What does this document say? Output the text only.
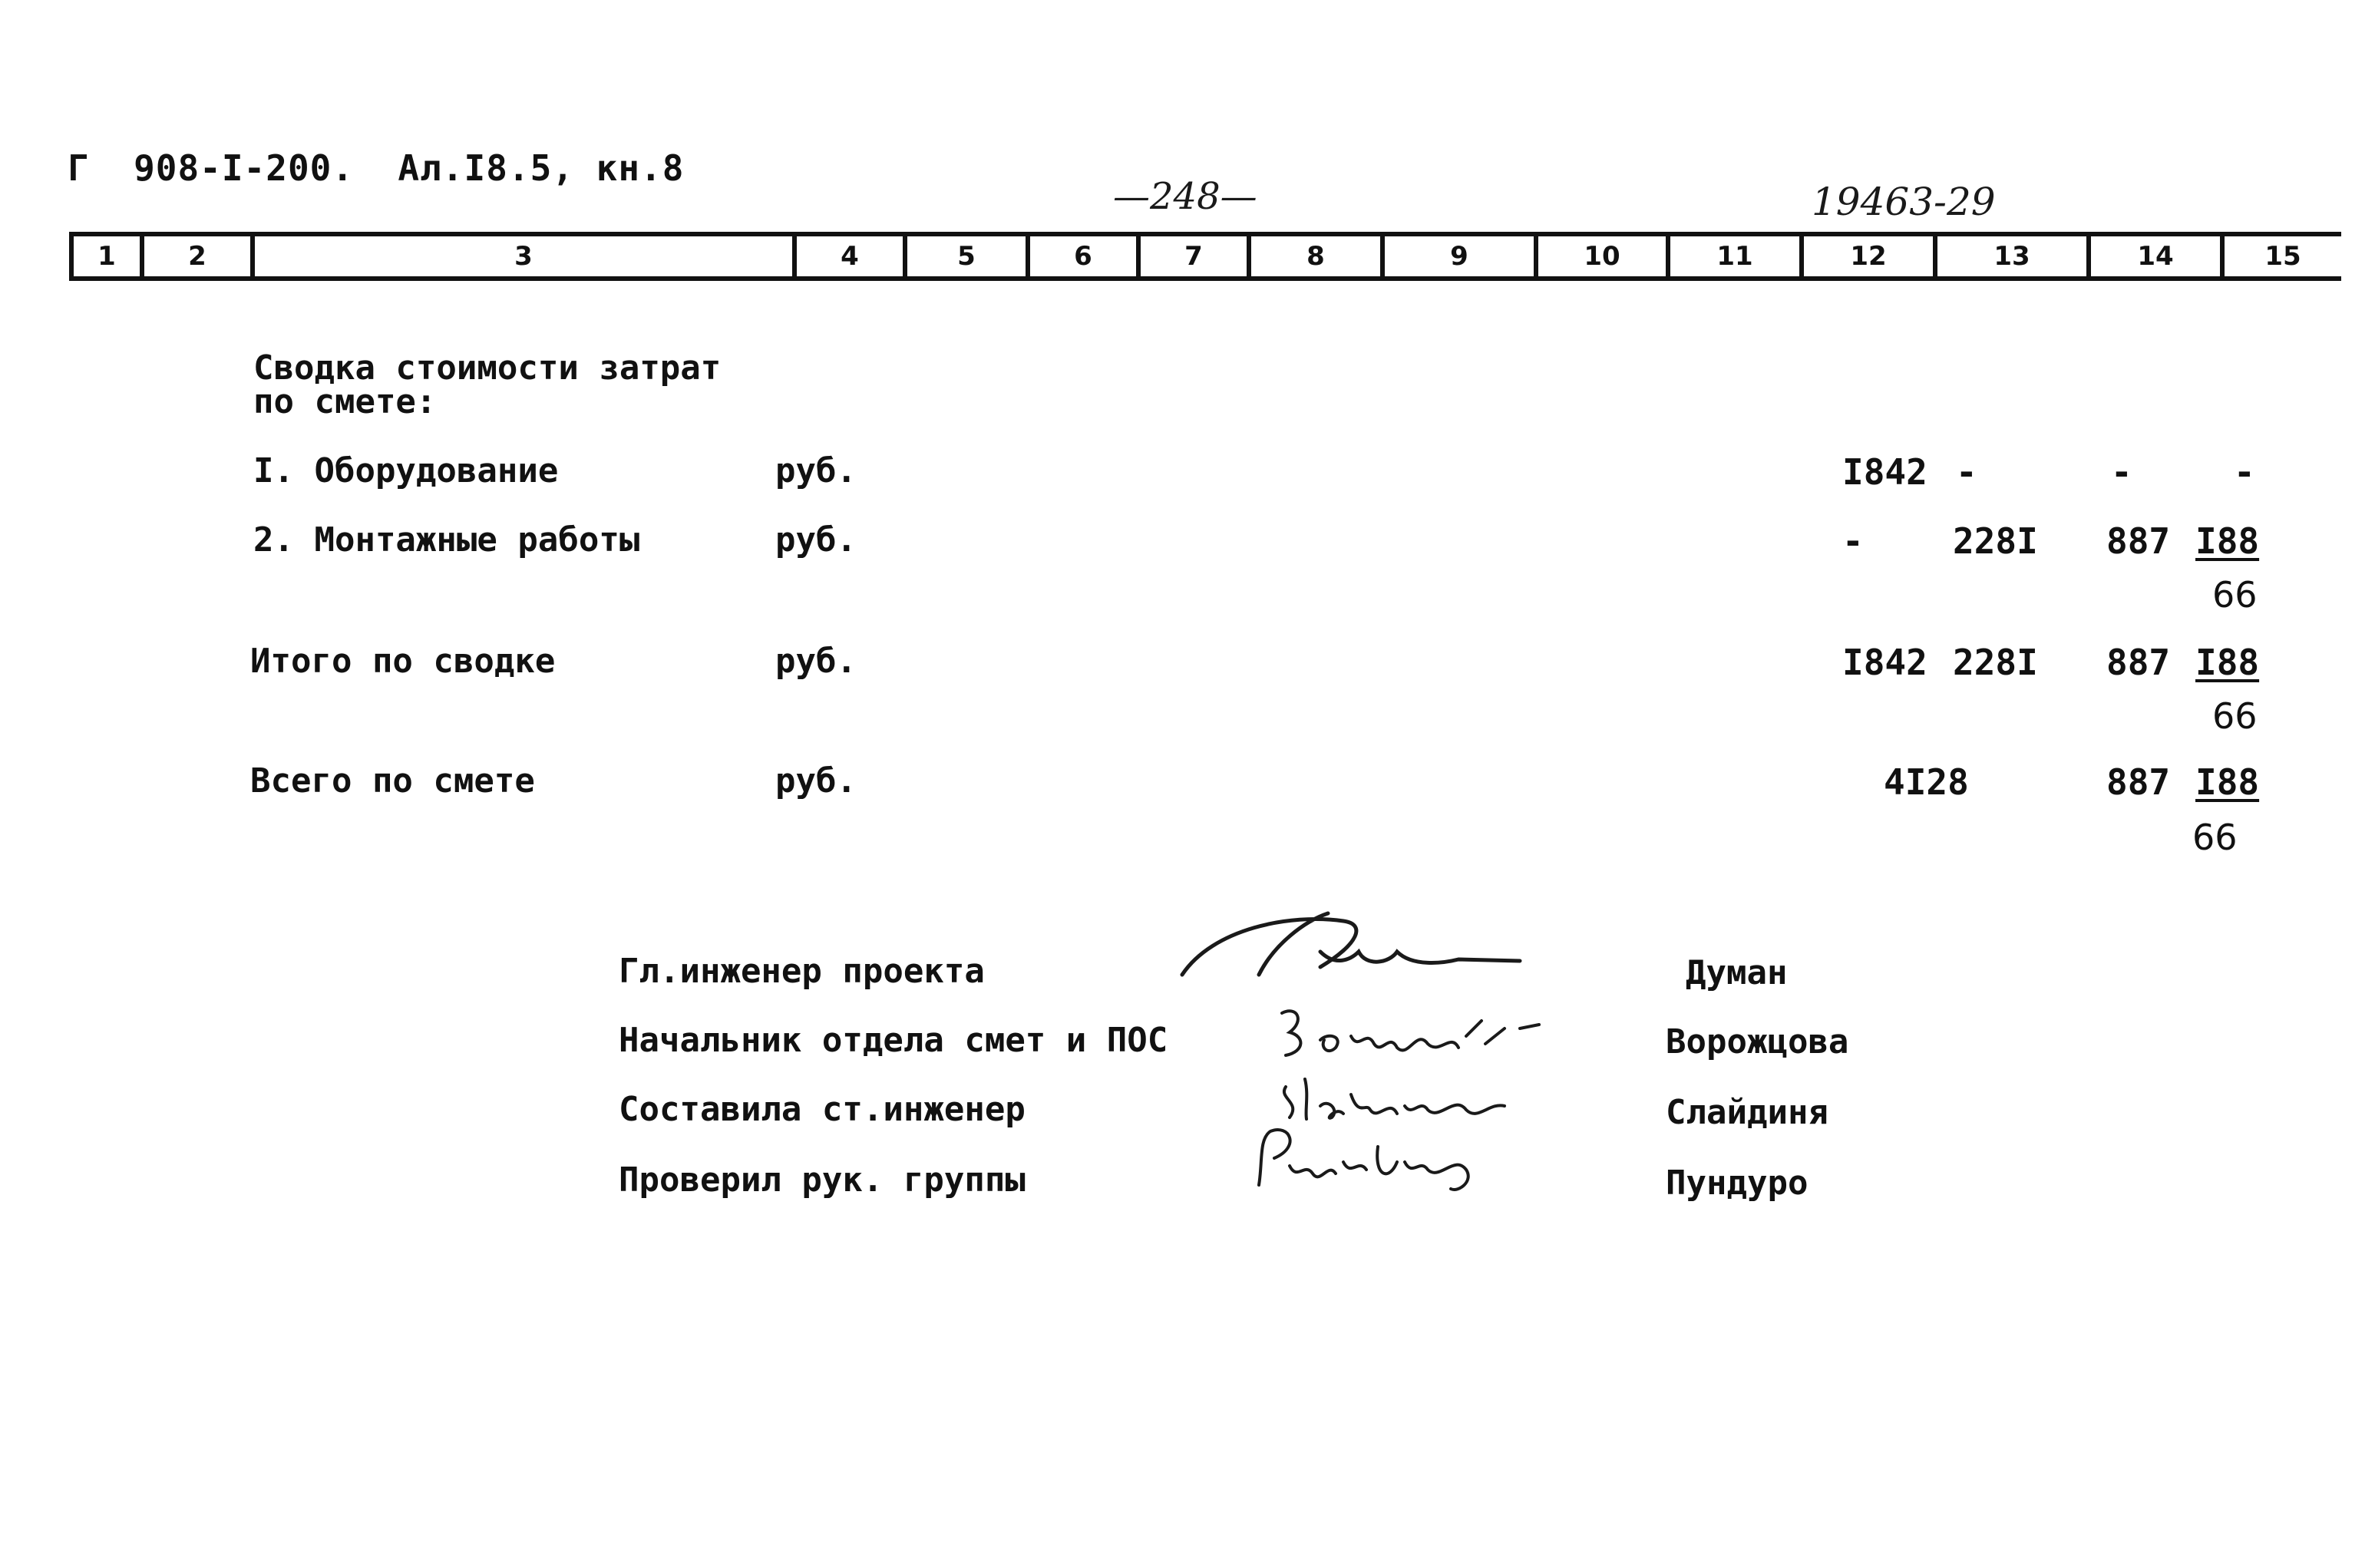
Г  908-I-200.  Ал.I8.5, кн.8
—248—	19463-29
1	2	3	4	5	6	7	8	9	10	11	12	13	14	15
Сводка стоимости затрат
по смете:
I. Оборудование	руб.	I842 -	-	-
2. Монтажные работы	руб.	-	228I 887 I88
66
Итого по сводке	руб.	I842 228I 887 I88
66
Всего по смете	руб.	4I28	887 I88
66
Гл.инженер проекта	Думан
Начальник отдела смет и ПОС	Ворожцова
Составила ст.инженер	Слайдиня
Проверил рук. группы	Пундуро
